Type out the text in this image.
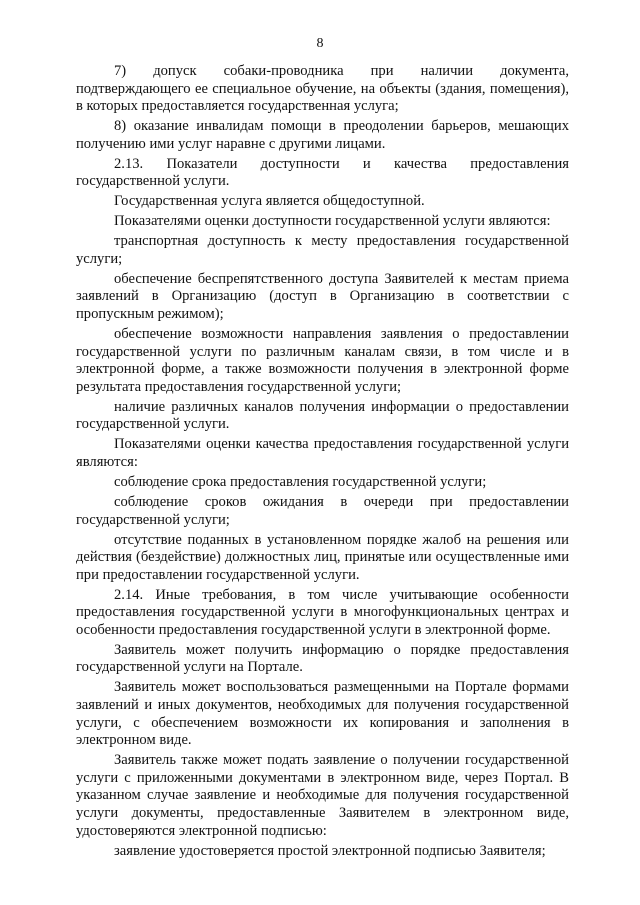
8

7) допуск собаки-проводника при наличии документа, подтверждающего ее специальное обучение, на объекты (здания, помещения), в которых предоставляется государственная услуга;

8) оказание инвалидам помощи в преодолении барьеров, мешающих получению ими услуг наравне с другими лицами.

2.13. Показатели доступности и качества предоставления государственной услуги.

Государственная услуга является общедоступной.

Показателями оценки доступности государственной услуги являются:

транспортная доступность к месту предоставления государственной услуги;

обеспечение беспрепятственного доступа Заявителей к местам приема заявлений в Организацию (доступ в Организацию в соответствии с пропускным режимом);

обеспечение возможности направления заявления о предоставлении государственной услуги по различным каналам связи, в том числе и в электронной форме, а также возможности получения в электронной форме результата предоставления государственной услуги;

наличие различных каналов получения информации о предоставлении государственной услуги.

Показателями оценки качества предоставления государственной услуги являются:

соблюдение срока предоставления государственной услуги;

соблюдение сроков ожидания в очереди при предоставлении государственной услуги;

отсутствие поданных в установленном порядке жалоб на решения или действия (бездействие) должностных лиц, принятые или осуществленные ими при предоставлении государственной услуги.

2.14. Иные требования, в том числе учитывающие особенности предоставления государственной услуги в многофункциональных центрах и особенности предоставления государственной услуги в электронной форме.

Заявитель может получить информацию о порядке предоставления государственной услуги на Портале.

Заявитель может воспользоваться размещенными на Портале формами заявлений и иных документов, необходимых для получения государственной услуги, с обеспечением возможности их копирования и заполнения в электронном виде.

Заявитель также может подать заявление о получении государственной услуги с приложенными документами в электронном виде, через Портал. В указанном случае заявление и необходимые для получения государственной услуги документы, предоставленные Заявителем в электронном виде, удостоверяются электронной подписью:

заявление удостоверяется простой электронной подписью Заявителя;
